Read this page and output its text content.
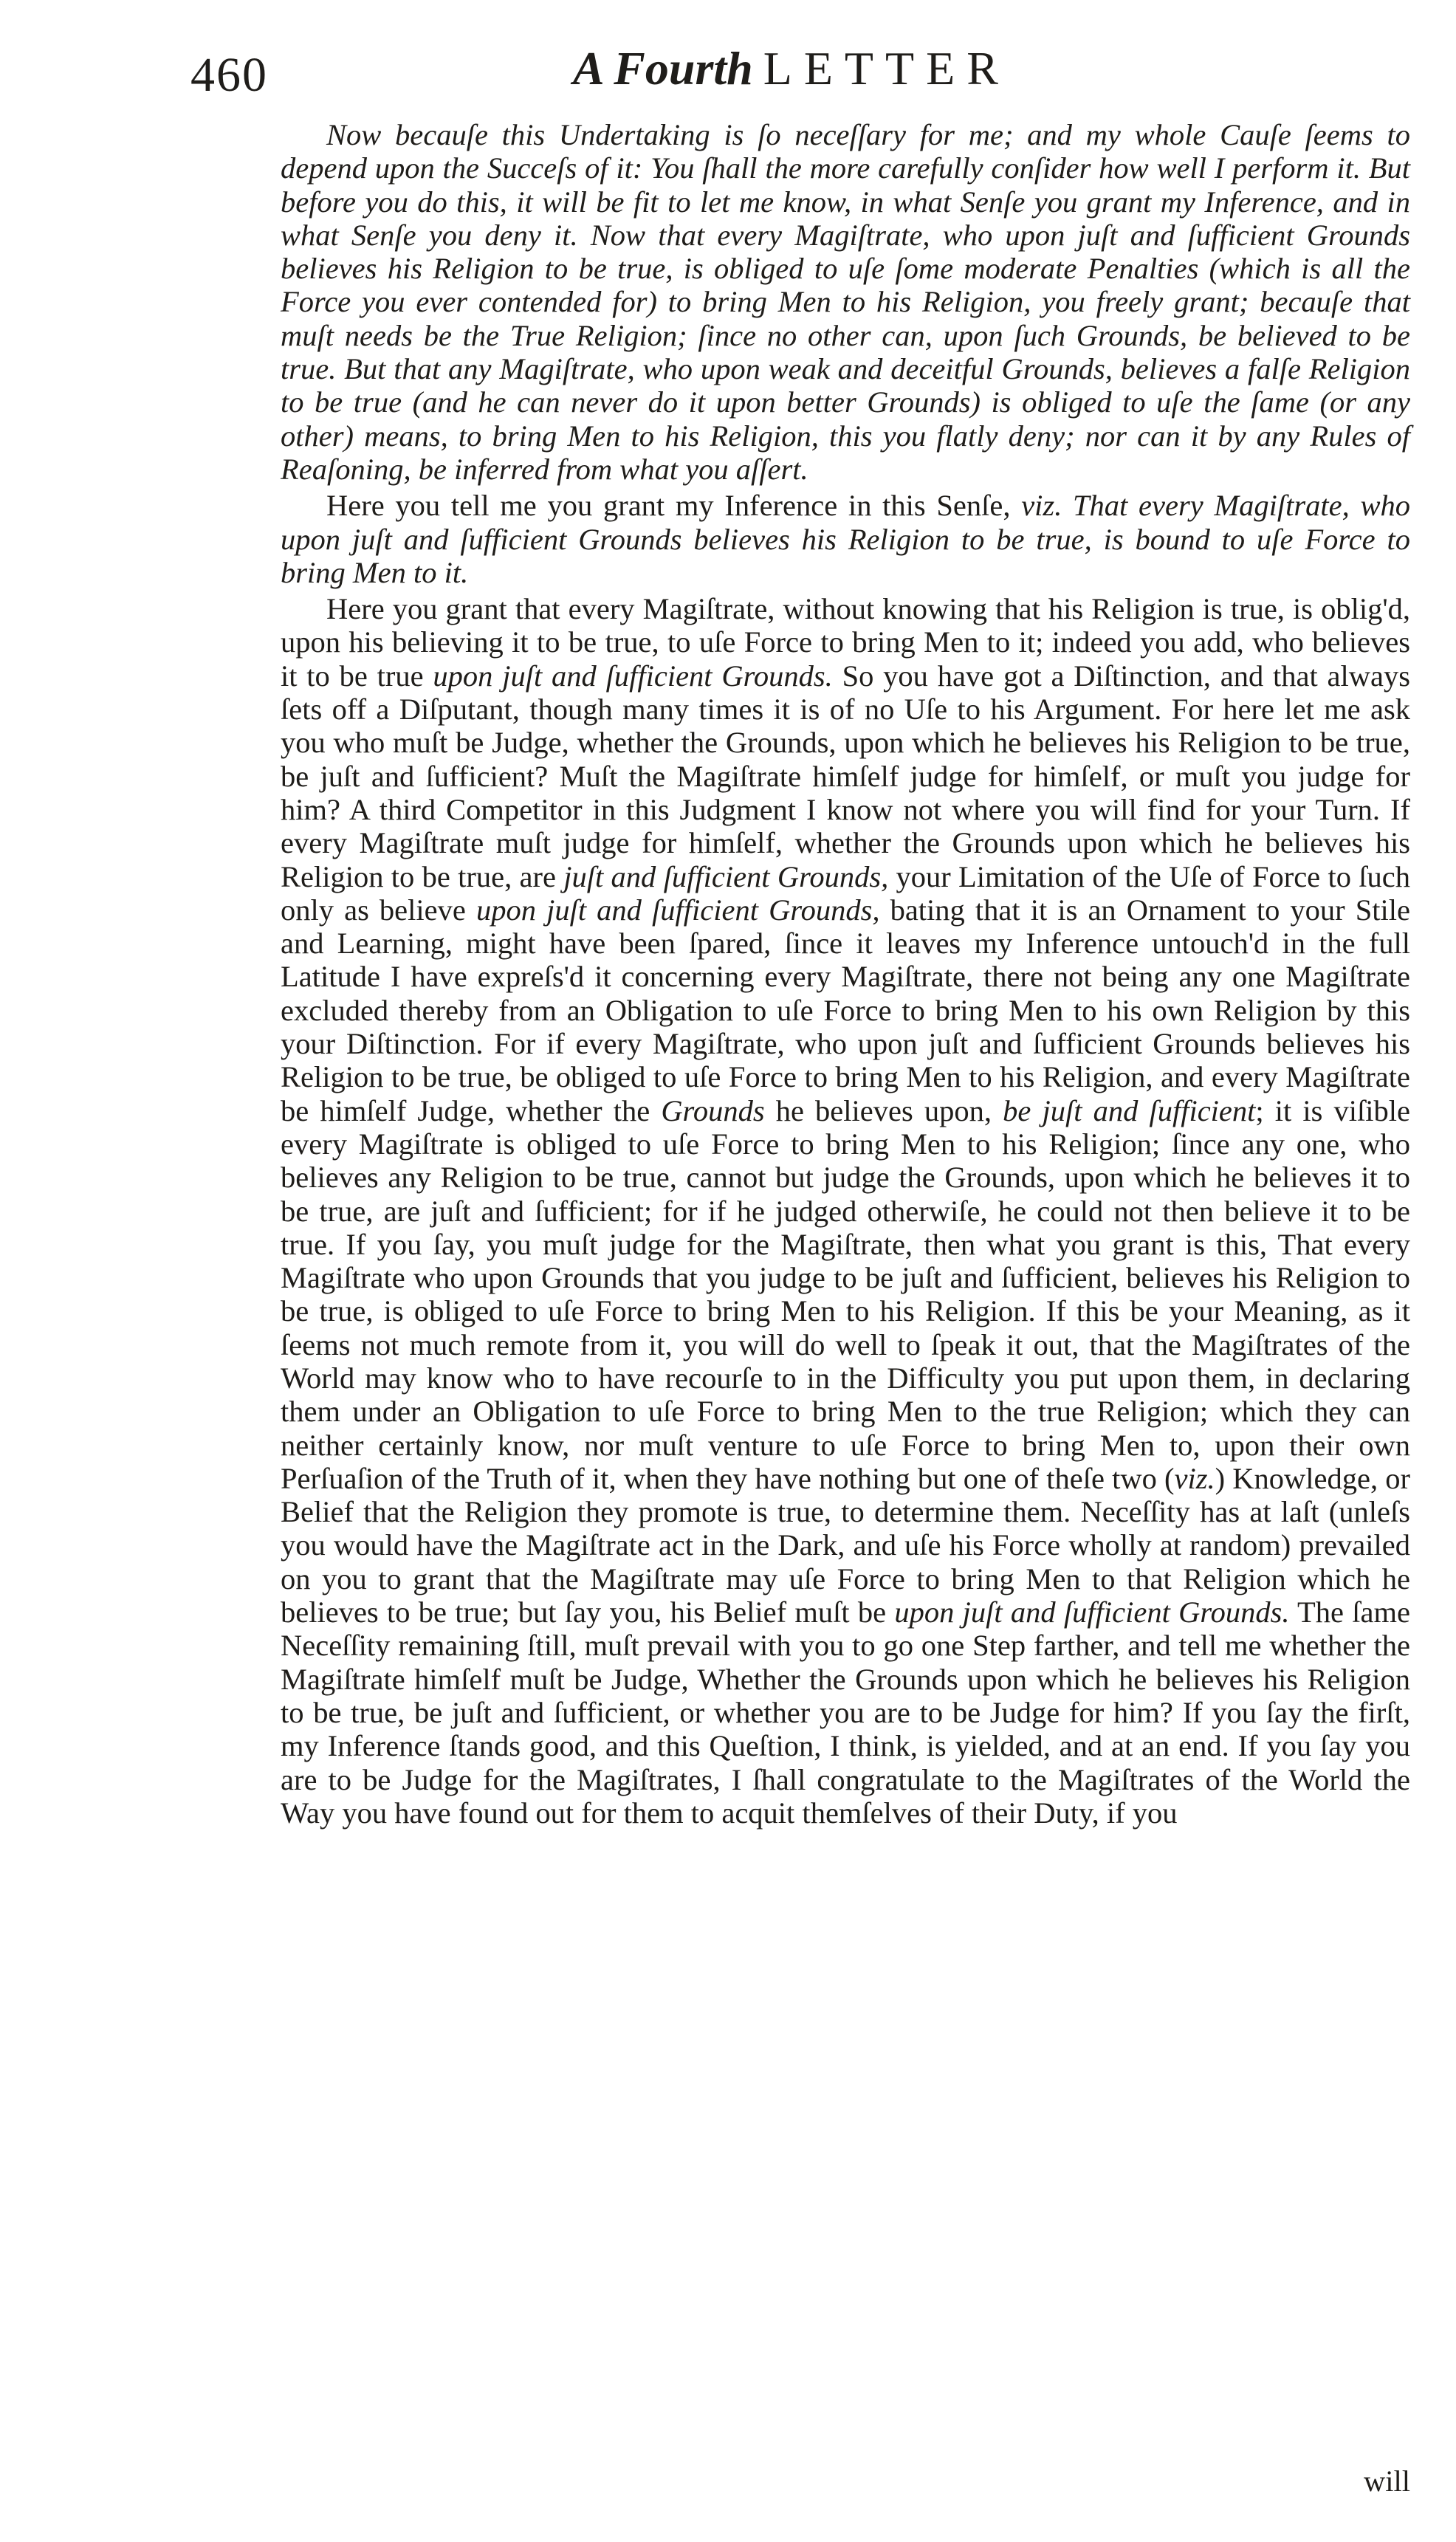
460	A Fourth LETTER

Now becauſe this Undertaking is ſo neceſſary for me; and my whole Cauſe ſeems to depend upon the Succeſs of it: You ſhall the more carefully conſider how well I perform it. But before you do this, it will be fit to let me know, in what Senſe you grant my Inference, and in what Senſe you deny it. Now that every Magiſtrate, who upon juſt and ſufficient Grounds believes his Religion to be true, is obliged to uſe ſome moderate Penalties (which is all the Force you ever contended for) to bring Men to his Religion, you freely grant; becauſe that muſt needs be the True Religion; ſince no other can, upon ſuch Grounds, be believed to be true. But that any Magiſtrate, who upon weak and deceitful Grounds, believes a falſe Religion to be true (and he can never do it upon better Grounds) is obliged to uſe the ſame (or any other) means, to bring Men to his Religion, this you flatly deny; nor can it by any Rules of Reaſoning, be inferred from what you aſſert.

Here you tell me you grant my Inference in this Senſe, viz. That every Magiſtrate, who upon juſt and ſufficient Grounds believes his Religion to be true, is bound to uſe Force to bring Men to it.

Here you grant that every Magiſtrate, without knowing that his Religion is true, is oblig'd, upon his believing it to be true, to uſe Force to bring Men to it; indeed you add, who believes it to be true upon juſt and ſufficient Grounds. So you have got a Diſtinction, and that always ſets off a Diſputant, though many times it is of no Uſe to his Argument. For here let me ask you who muſt be Judge, whether the Grounds, upon which he believes his Religion to be true, be juſt and ſufficient? Muſt the Magiſtrate himſelf judge for himſelf, or muſt you judge for him? A third Competitor in this Judgment I know not where you will find for your Turn. If every Magiſtrate muſt judge for himſelf, whether the Grounds upon which he believes his Religion to be true, are juſt and ſufficient Grounds, your Limitation of the Uſe of Force to ſuch only as believe upon juſt and ſufficient Grounds, bating that it is an Ornament to your Stile and Learning, might have been ſpared, ſince it leaves my Inference untouch'd in the full Latitude I have expreſs'd it concerning every Magiſtrate, there not being any one Magiſtrate excluded thereby from an Obligation to uſe Force to bring Men to his own Religion by this your Diſtinction. For if every Magiſtrate, who upon juſt and ſufficient Grounds believes his Religion to be true, be obliged to uſe Force to bring Men to his Religion, and every Magiſtrate be himſelf Judge, whether the Grounds he believes upon, be juſt and ſufficient; it is viſible every Magiſtrate is obliged to uſe Force to bring Men to his Religion; ſince any one, who believes any Religion to be true, cannot but judge the Grounds, upon which he believes it to be true, are juſt and ſufficient; for if he judged otherwiſe, he could not then believe it to be true. If you ſay, you muſt judge for the Magiſtrate, then what you grant is this, That every Magiſtrate who upon Grounds that you judge to be juſt and ſufficient, believes his Religion to be true, is obliged to uſe Force to bring Men to his Religion. If this be your Meaning, as it ſeems not much remote from it, you will do well to ſpeak it out, that the Magiſtrates of the World may know who to have recourſe to in the Difficulty you put upon them, in declaring them under an Obligation to uſe Force to bring Men to the true Religion; which they can neither certainly know, nor muſt venture to uſe Force to bring Men to, upon their own Perſuaſion of the Truth of it, when they have nothing but one of theſe two (viz.) Knowledge, or Belief that the Religion they promote is true, to determine them. Neceſſity has at laſt (unleſs you would have the Magiſtrate act in the Dark, and uſe his Force wholly at random) prevailed on you to grant that the Magiſtrate may uſe Force to bring Men to that Religion which he believes to be true; but ſay you, his Belief muſt be upon juſt and ſufficient Grounds. The ſame Neceſſity remaining ſtill, muſt prevail with you to go one Step farther, and tell me whether the Magiſtrate himſelf muſt be Judge, Whether the Grounds upon which he believes his Religion to be true, be juſt and ſufficient, or whether you are to be Judge for him? If you ſay the firſt, my Inference ſtands good, and this Queſtion, I think, is yielded, and at an end. If you ſay you are to be Judge for the Magiſtrates, I ſhall congratulate to the Magiſtrates of the World the Way you have found out for them to acquit themſelves of their Duty, if you

will
